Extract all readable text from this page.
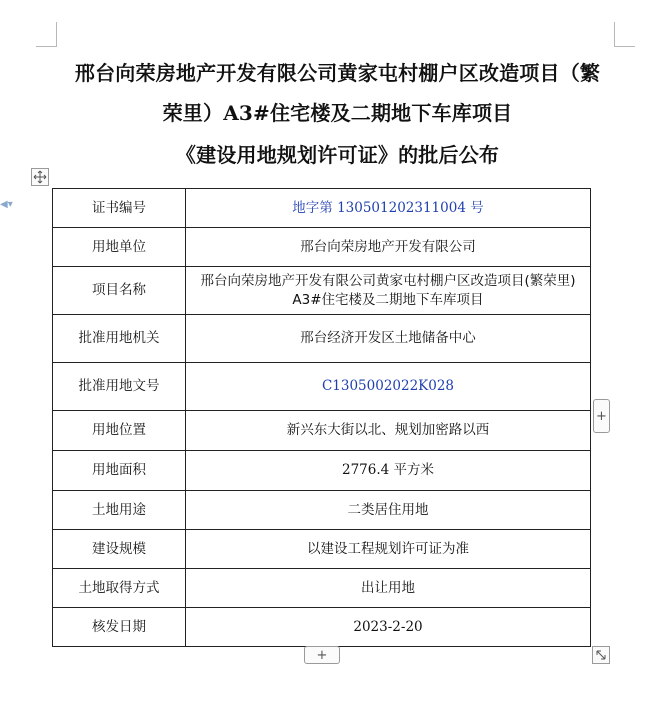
邢台向荣房地产开发有限公司黄家屯村棚户区改造项目（繁
荣里）A3#住宅楼及二期地下车库项目
《建设用地规划许可证》的批后公布
◀▾	证书编号	地字第 130501202311004 号
用地单位	邢台向荣房地产开发有限公司
项目名称	邢台向荣房地产开发有限公司黄家屯村棚户区改造项目(繁荣里)
A3#住宅楼及二期地下车库项目

批准用地机关	邢台经济开发区土地储备中心
批准用地文号	C1305002022K028
用地位置	新兴东大街以北、规划加密路以西
用地面积	2776.4 平方米
土地用途	二类居住用地
建设规模	以建设工程规划许可证为准
土地取得方式	出让用地
核发日期	2023-2-20
+
+
